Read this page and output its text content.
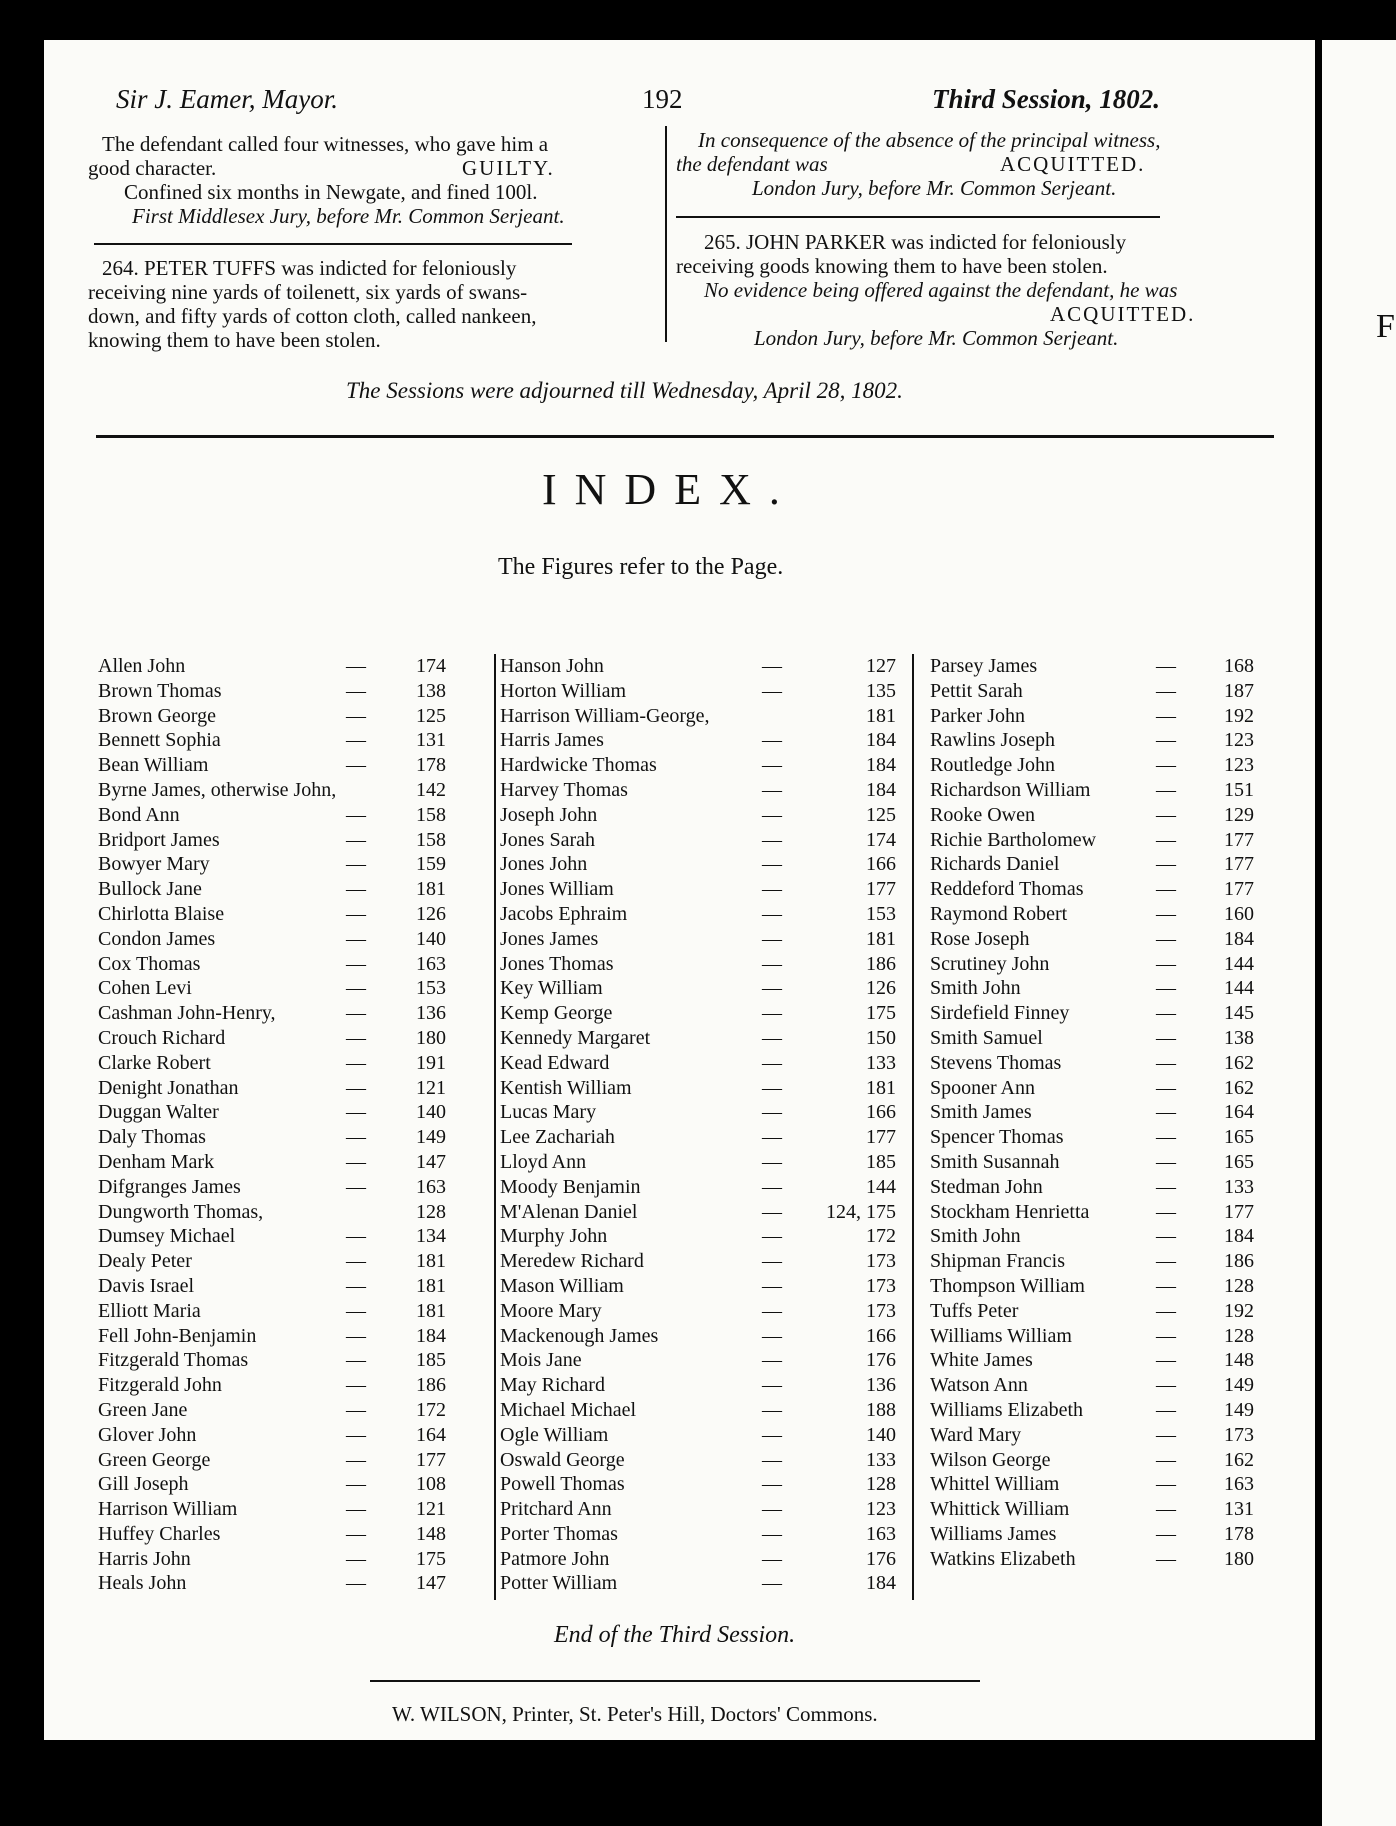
Sir J. Eamer, Mayor.	192	Third Session, 1802.
The defendant called four witnesses, who gave him a
good character.	GUILTY.
Confined six months in Newgate, and fined 100l.
First Middlesex Jury, before Mr. Common Serjeant.
264. PETER TUFFS was indicted for feloniously
receiving nine yards of toilenett, six yards of swans-
down, and fifty yards of cotton cloth, called nankeen,
knowing them to have been stolen.
In consequence of the absence of the principal witness,
the defendant was	ACQUITTED.
London Jury, before Mr. Common Serjeant.
265. JOHN PARKER was indicted for feloniously
receiving goods knowing them to have been stolen.
No evidence being offered against the defendant, he was
ACQUITTED.
London Jury, before Mr. Common Serjeant.
The Sessions were adjourned till Wednesday, April 28, 1802.
INDEX.
The Figures refer to the Page.
Allen John	—	174
Brown Thomas	—	138
Brown George	—	125
Bennett Sophia	—	131
Bean William	—	178
Byrne James, otherwise John,	142
Bond Ann	—	158
Bridport James	—	158
Bowyer Mary	—	159
Bullock Jane	—	181
Chirlotta Blaise	—	126
Condon James	—	140
Cox Thomas	—	163
Cohen Levi	—	153
Cashman John-Henry,	—	136
Crouch Richard	—	180
Clarke Robert	—	191
Denight Jonathan	—	121
Duggan Walter	—	140
Daly Thomas	—	149
Denham Mark	—	147
Difgranges James	—	163
Dungworth Thomas,	128
Dumsey Michael	—	134
Dealy Peter	—	181
Davis Israel	—	181
Elliott Maria	—	181
Fell John-Benjamin	—	184
Fitzgerald Thomas	—	185
Fitzgerald John	—	186
Green Jane	—	172
Glover John	—	164
Green George	—	177
Gill Joseph	—	108
Harrison William	—	121
Huffey Charles	—	148
Harris John	—	175
Heals John	—	147
Hanson John	—	127
Horton William	—	135
Harrison William-George,	181
Harris James	—	184
Hardwicke Thomas	—	184
Harvey Thomas	—	184
Joseph John	—	125
Jones Sarah	—	174
Jones John	—	166
Jones William	—	177
Jacobs Ephraim	—	153
Jones James	—	181
Jones Thomas	—	186
Key William	—	126
Kemp George	—	175
Kennedy Margaret	—	150
Kead Edward	—	133
Kentish William	—	181
Lucas Mary	—	166
Lee Zachariah	—	177
Lloyd Ann	—	185
Moody Benjamin	—	144
M'Alenan Daniel	—	124, 175
Murphy John	—	172
Meredew Richard	—	173
Mason William	—	173
Moore Mary	—	173
Mackenough James	—	166
Mois Jane	—	176
May Richard	—	136
Michael Michael	—	188
Ogle William	—	140
Oswald George	—	133
Powell Thomas	—	128
Pritchard Ann	—	123
Porter Thomas	—	163
Patmore John	—	176
Potter William	—	184
Parsey James	—	168
Pettit Sarah	—	187
Parker John	—	192
Rawlins Joseph	—	123
Routledge John	—	123
Richardson William	—	151
Rooke Owen	—	129
Richie Bartholomew	—	177
Richards Daniel	—	177
Reddeford Thomas	—	177
Raymond Robert	—	160
Rose Joseph	—	184
Scrutiney John	—	144
Smith John	—	144
Sirdefield Finney	—	145
Smith Samuel	—	138
Stevens Thomas	—	162
Spooner Ann	—	162
Smith James	—	164
Spencer Thomas	—	165
Smith Susannah	—	165
Stedman John	—	133
Stockham Henrietta	—	177
Smith John	—	184
Shipman Francis	—	186
Thompson William	—	128
Tuffs Peter	—	192
Williams William	—	128
White James	—	148
Watson Ann	—	149
Williams Elizabeth	—	149
Ward Mary	—	173
Wilson George	—	162
Whittel William	—	163
Whittick William	—	131
Williams James	—	178
Watkins Elizabeth	—	180
End of the Third Session.
W. WILSON, Printer, St. Peter's Hill, Doctors' Commons.
F
